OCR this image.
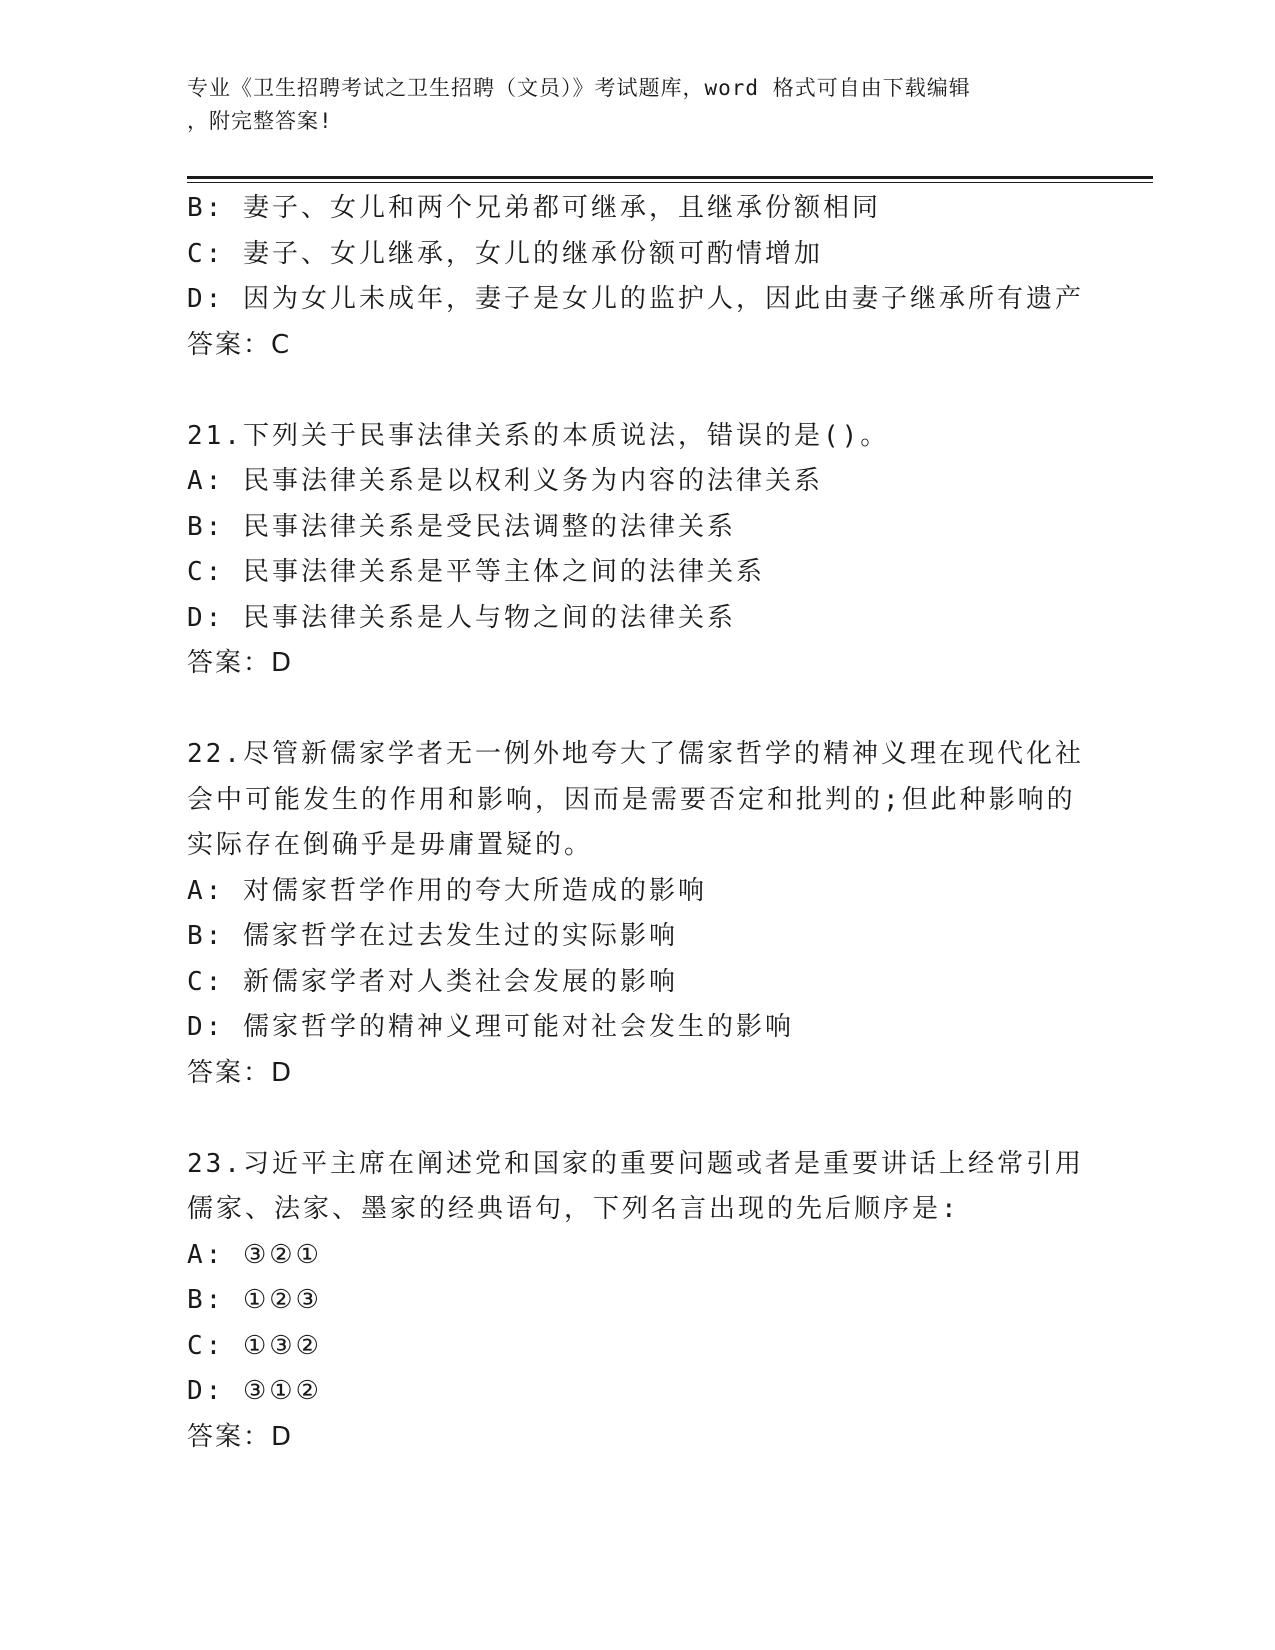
专业《卫生招聘考试之卫生招聘（文员）》考试题库，word 格式可自由下载编辑
，附完整答案!
B: 妻子、女儿和两个兄弟都可继承，且继承份额相同
C: 妻子、女儿继承，女儿的继承份额可酌情增加
D: 因为女儿未成年，妻子是女儿的监护人，因此由妻子继承所有遗产
答案：C
21.下列关于民事法律关系的本质说法，错误的是()。
A: 民事法律关系是以权利义务为内容的法律关系
B: 民事法律关系是受民法调整的法律关系
C: 民事法律关系是平等主体之间的法律关系
D: 民事法律关系是人与物之间的法律关系
答案：D
22.尽管新儒家学者无一例外地夸大了儒家哲学的精神义理在现代化社
会中可能发生的作用和影响，因而是需要否定和批判的;但此种影响的
实际存在倒确乎是毋庸置疑的。
A: 对儒家哲学作用的夸大所造成的影响
B: 儒家哲学在过去发生过的实际影响
C: 新儒家学者对人类社会发展的影响
D: 儒家哲学的精神义理可能对社会发生的影响
答案：D
23.习近平主席在阐述党和国家的重要问题或者是重要讲话上经常引用
儒家、法家、墨家的经典语句，下列名言出现的先后顺序是:
A: ③②①
B: ①②③
C: ①③②
D: ③①②
答案：D
